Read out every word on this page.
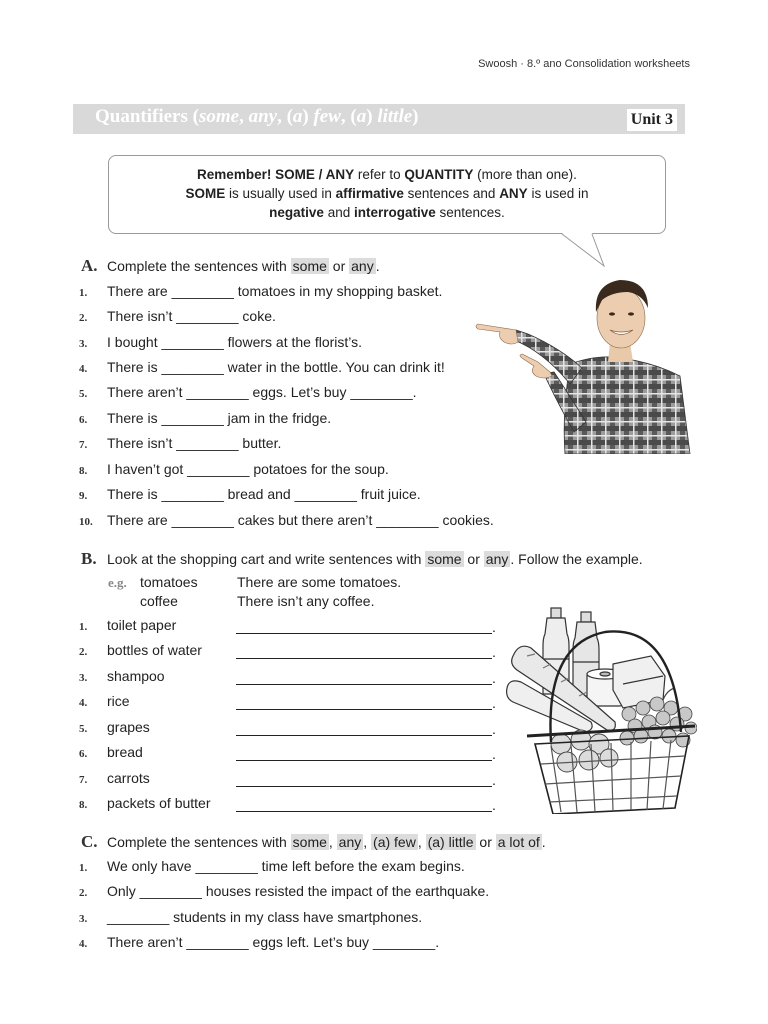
Swoosh · 8.º ano Consolidation worksheets
Quantifiers (some, any, (a) few, (a) little)	Unit 3
Remember! SOME / ANY refer to QUANTITY (more than one).
SOME is usually used in affirmative sentences and ANY is used in
negative and interrogative sentences.
A. Complete the sentences with some or any .
1. There are ________ tomatoes in my shopping basket.
2. There isn’t ________ coke.
3. I bought ________ flowers at the florist’s.
4. There is ________ water in the bottle. You can drink it!
5. There aren’t ________ eggs. Let’s buy ________.
6. There is ________ jam in the fridge.
7. There isn’t ________ butter.
8. I haven’t got ________ potatoes for the soup.
9. There is ________ bread and ________ fruit juice.
10. There are ________ cakes but there aren’t ________ cookies.
B. Look at the shopping cart and write sentences with some or any . Follow the example.
e.g. tomatoes	There are some tomatoes.
coffee	There isn’t any coffee.
1. toilet paper	.
2. bottles of water	.
3. shampoo	.
4. rice	.
5. grapes	.
6. bread	.
7. carrots	.
8. packets of butter	.
C. Complete the sentences with some , any , (a) few , (a) little or a lot of .
1. We only have ________ time left before the exam begins.
2. Only ________ houses resisted the impact of the earthquake.
3. ________ students in my class have smartphones.
4. There aren’t ________ eggs left. Let’s buy ________.
